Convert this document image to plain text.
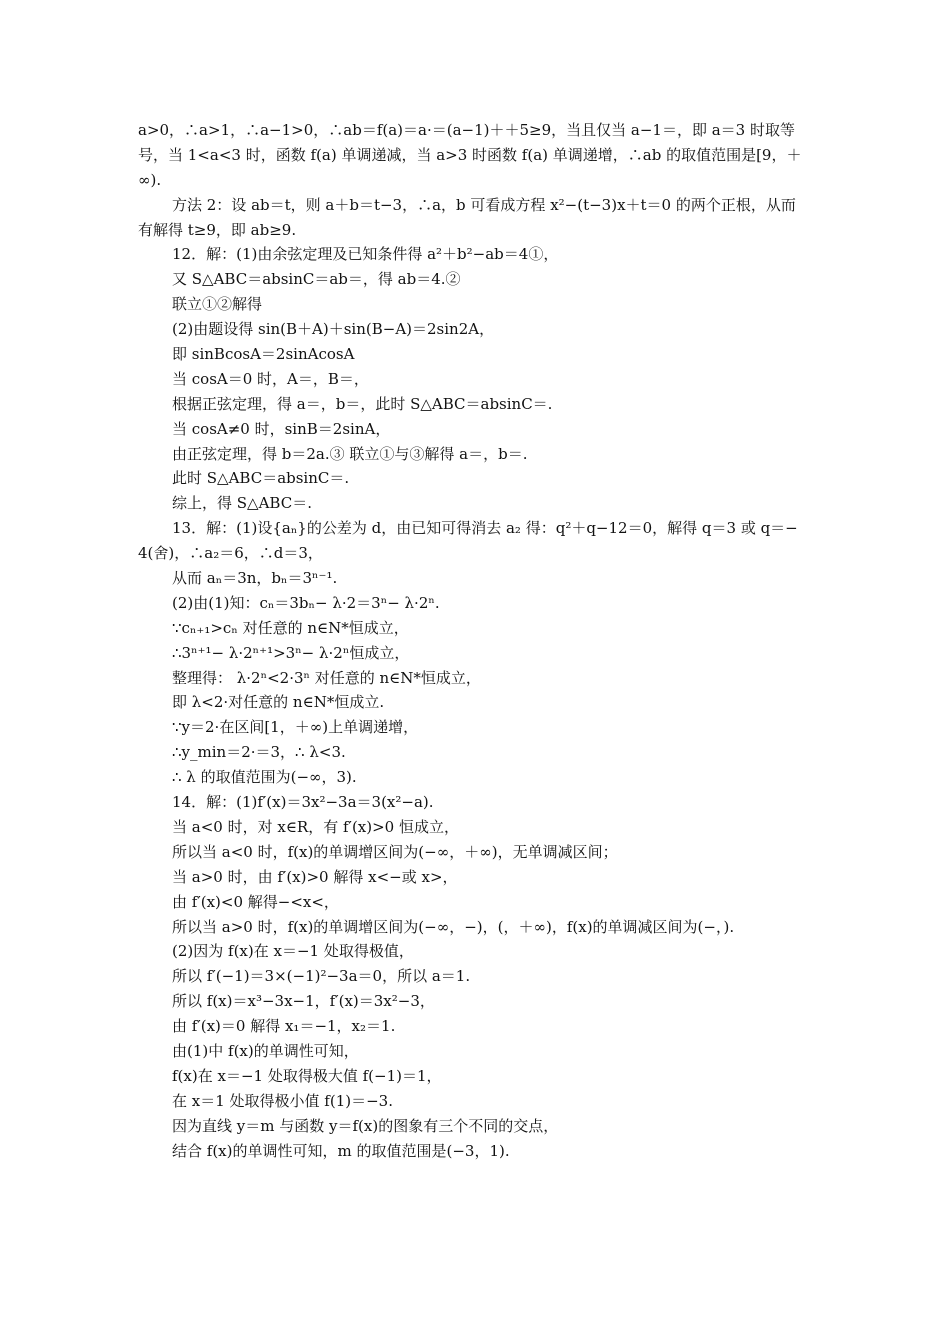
a>0，∴a>1，∴a−1>0，∴ab＝f(a)＝a·＝(a−1)＋＋5≥9，当且仅当 a−1＝，即 a＝3 时取等
号，当 1<a<3 时，函数 f(a) 单调递减，当 a>3 时函数 f(a) 单调递增，∴ab 的取值范围是[9，＋
∞).
方法 2：设 ab＝t，则 a＋b＝t−3，∴a，b 可看成方程 x²−(t−3)x＋t＝0 的两个正根，从而
有解得 t≥9，即 ab≥9.
12．解：(1)由余弦定理及已知条件得 a²＋b²−ab＝4①，
又 S△ABC＝absinC＝ab＝，得 ab＝4.②
联立①②解得
(2)由题设得 sin(B＋A)＋sin(B−A)＝2sin2A，
即 sinBcosA＝2sinAcosA
当 cosA＝0 时，A＝，B＝，
根据正弦定理，得 a＝，b＝，此时 S△ABC＝absinC＝.
当 cosA≠0 时，sinB＝2sinA，
由正弦定理，得 b＝2a.③ 联立①与③解得 a＝，b＝.
此时 S△ABC＝absinC＝.
综上，得 S△ABC＝.
13．解：(1)设{aₙ}的公差为 d，由已知可得消去 a₂ 得：q²＋q−12＝0，解得 q＝3 或 q＝−
4(舍)，∴a₂＝6，∴d＝3，
从而 aₙ＝3n，bₙ＝3ⁿ⁻¹.
(2)由(1)知：cₙ＝3bₙ− λ·2＝3ⁿ− λ·2ⁿ.
∵cₙ₊₁>cₙ 对任意的 n∈N*恒成立，
∴3ⁿ⁺¹− λ·2ⁿ⁺¹>3ⁿ− λ·2ⁿ恒成立，
整理得： λ·2ⁿ<2·3ⁿ 对任意的 n∈N*恒成立，
即 λ<2·对任意的 n∈N*恒成立.
∵y＝2·在区间[1，＋∞)上单调递增，
∴y_min＝2·＝3，∴ λ<3.
∴ λ 的取值范围为(−∞，3).
14．解：(1)f′(x)＝3x²−3a＝3(x²−a).
当 a<0 时，对 x∈R，有 f′(x)>0 恒成立，
所以当 a<0 时，f(x)的单调增区间为(−∞，＋∞)，无单调减区间；
当 a>0 时，由 f′(x)>0 解得 x<−或 x>，
由 f′(x)<0 解得−<x<，
所以当 a>0 时，f(x)的单调增区间为(−∞，−)，(，＋∞)，f(x)的单调减区间为(−，).
(2)因为 f(x)在 x＝−1 处取得极值，
所以 f′(−1)＝3×(−1)²−3a＝0，所以 a＝1.
所以 f(x)＝x³−3x−1，f′(x)＝3x²−3，
由 f′(x)＝0 解得 x₁＝−1，x₂＝1.
由(1)中 f(x)的单调性可知，
f(x)在 x＝−1 处取得极大值 f(−1)＝1，
在 x＝1 处取得极小值 f(1)＝−3.
因为直线 y＝m 与函数 y＝f(x)的图象有三个不同的交点，
结合 f(x)的单调性可知，m 的取值范围是(−3，1).
